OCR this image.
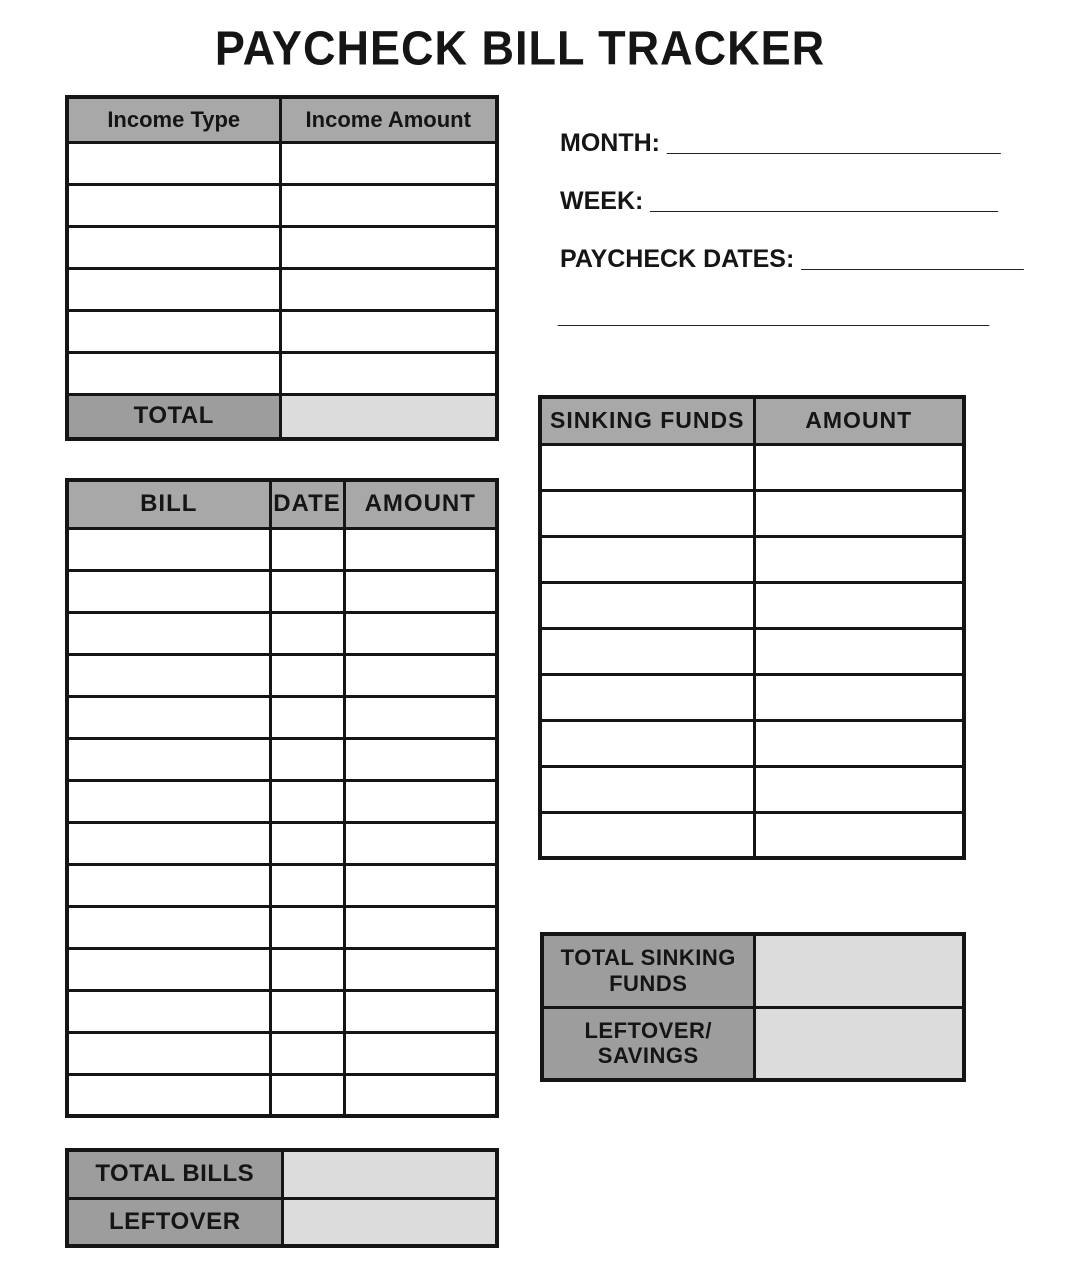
PAYCHECK BILL TRACKER
Income Type	Income Amount

TOTAL	
MONTH: ________________________
WEEK: _________________________
PAYCHECK DATES: ________________
_______________________________
BILL	DATE	AMOUNT

SINKING FUNDS	AMOUNT

TOTAL SINKING FUNDS	
LEFTOVER/ SAVINGS	
TOTAL BILLS	
LEFTOVER	
